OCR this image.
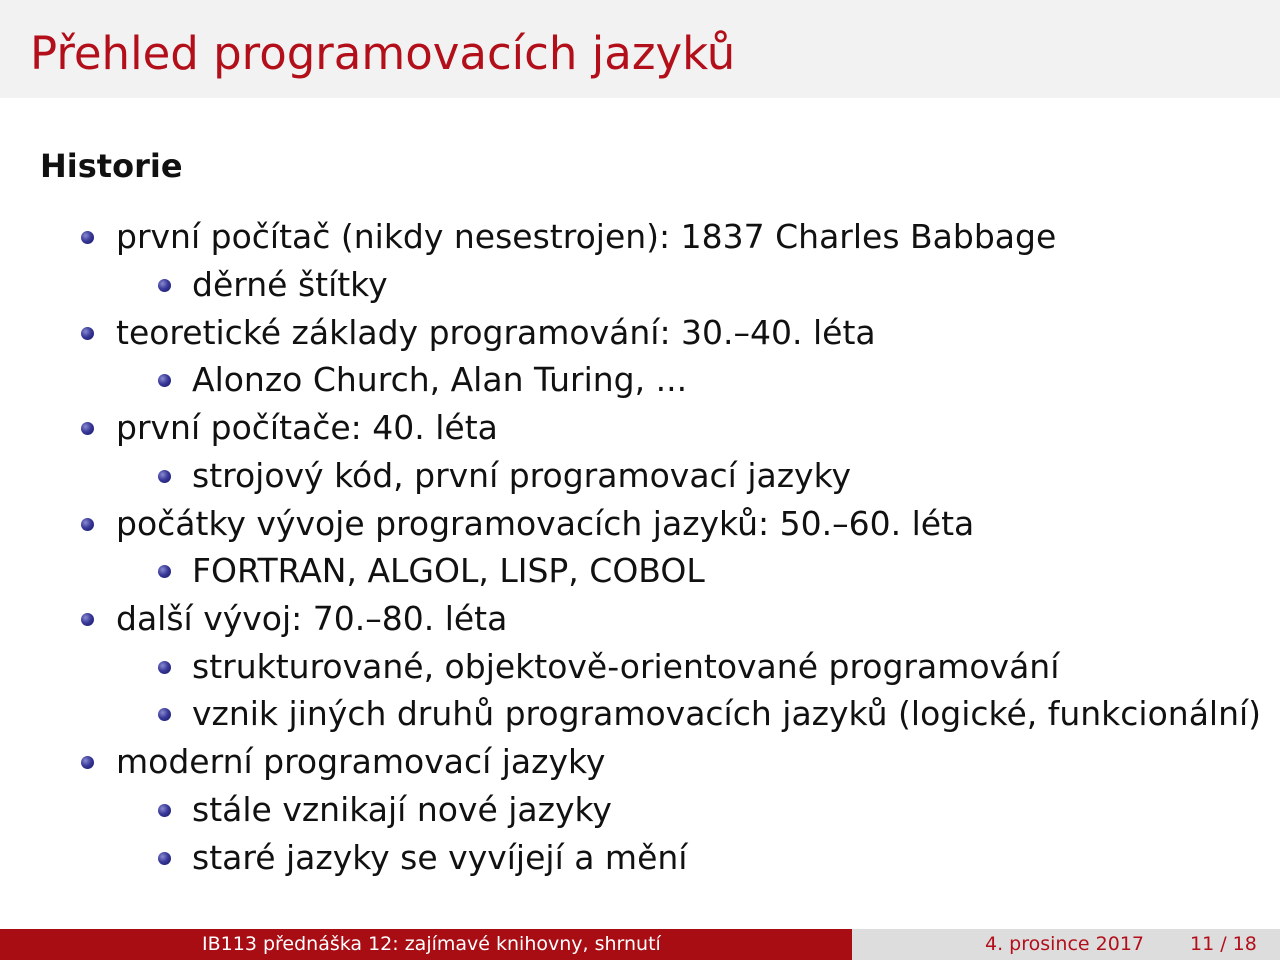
Přehled programovacích jazyků
Historie
první počítač (nikdy nesestrojen): 1837 Charles Babbage
děrné štítky
teoretické základy programování: 30.–40. léta
Alonzo Church, Alan Turing, ...
první počítače: 40. léta
strojový kód, první programovací jazyky
počátky vývoje programovacích jazyků: 50.–60. léta
FORTRAN, ALGOL, LISP, COBOL
další vývoj: 70.–80. léta
strukturované, objektově-orientované programování
vznik jiných druhů programovacích jazyků (logické, funkcionální)
moderní programovací jazyky
stále vznikají nové jazyky
staré jazyky se vyvíjejí a mění
IB113 přednáška 12: zajímavé knihovny, shrnutí	4. prosince 2017 11 / 18
